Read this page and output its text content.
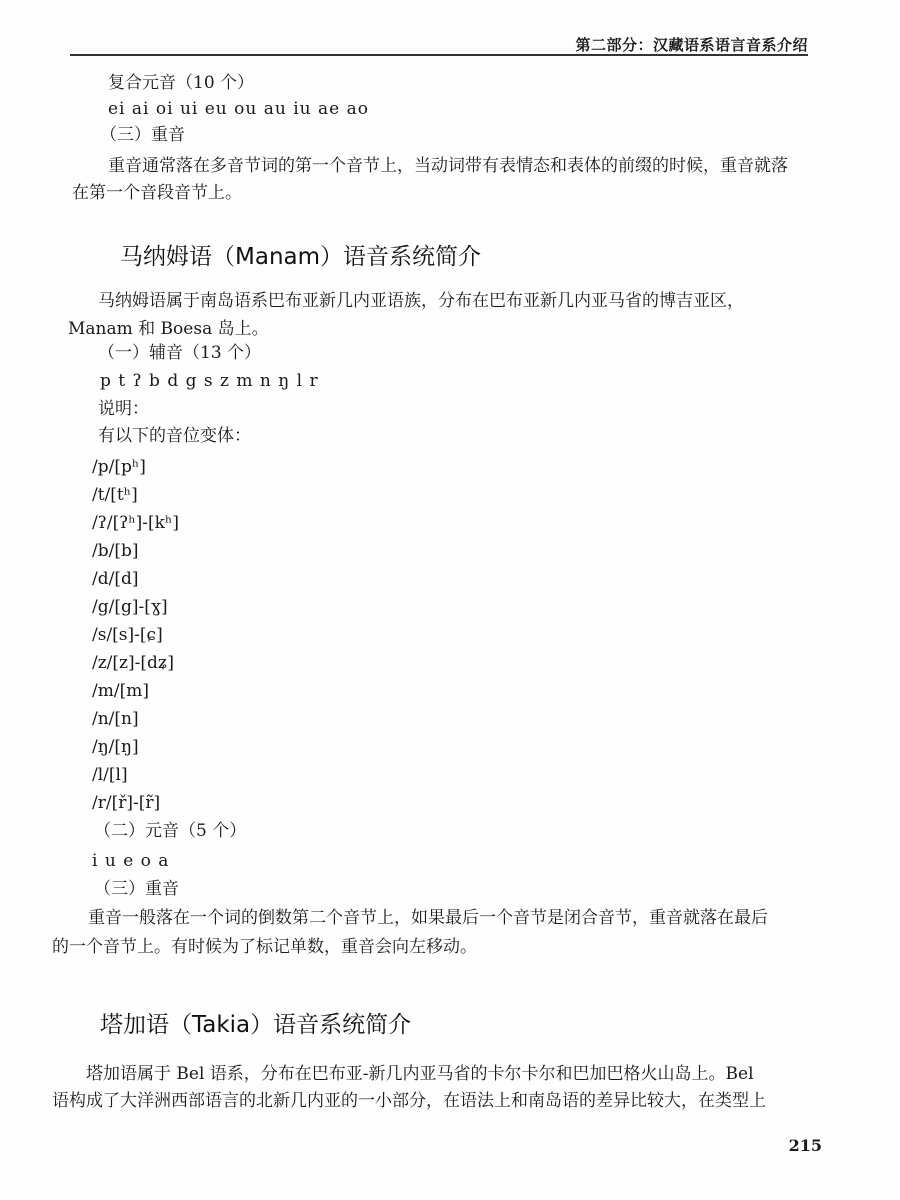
第二部分：汉藏语系语言音系介绍
复合元音（10 个）
ei ai oi ui eu ou au iu ae ao
（三）重音
重音通常落在多音节词的第一个音节上，当动词带有表情态和表体的前缀的时候，重音就落
在第一个音段音节上。
马纳姆语（Manam）语音系统简介
马纳姆语属于南岛语系巴布亚新几内亚语族，分布在巴布亚新几内亚马省的博吉亚区，
Manam 和 Boesa 岛上。
（一）辅音（13 个）
p t ʔ b d g s z m n ŋ l r
说明：
有以下的音位变体：
/p/[pʰ]
/t/[tʰ]
/ʔ/[ʔʰ]-[kʰ]
/b/[b]
/d/[d]
/g/[g]-[ɣ]
/s/[s]-[ɕ]
/z/[z]-[dʑ]
/m/[m]
/n/[n]
/ŋ/[ŋ]
/l/[l]
/r/[ř]-[r̃]
（二）元音（5 个）
i u e o a
（三）重音
重音一般落在一个词的倒数第二个音节上，如果最后一个音节是闭合音节，重音就落在最后
的一个音节上。有时候为了标记单数，重音会向左移动。
塔加语（Takia）语音系统简介
塔加语属于 Bel 语系，分布在巴布亚-新几内亚马省的卡尔卡尔和巴加巴格火山岛上。Bel
语构成了大洋洲西部语言的北新几内亚的一小部分，在语法上和南岛语的差异比较大，在类型上
215
